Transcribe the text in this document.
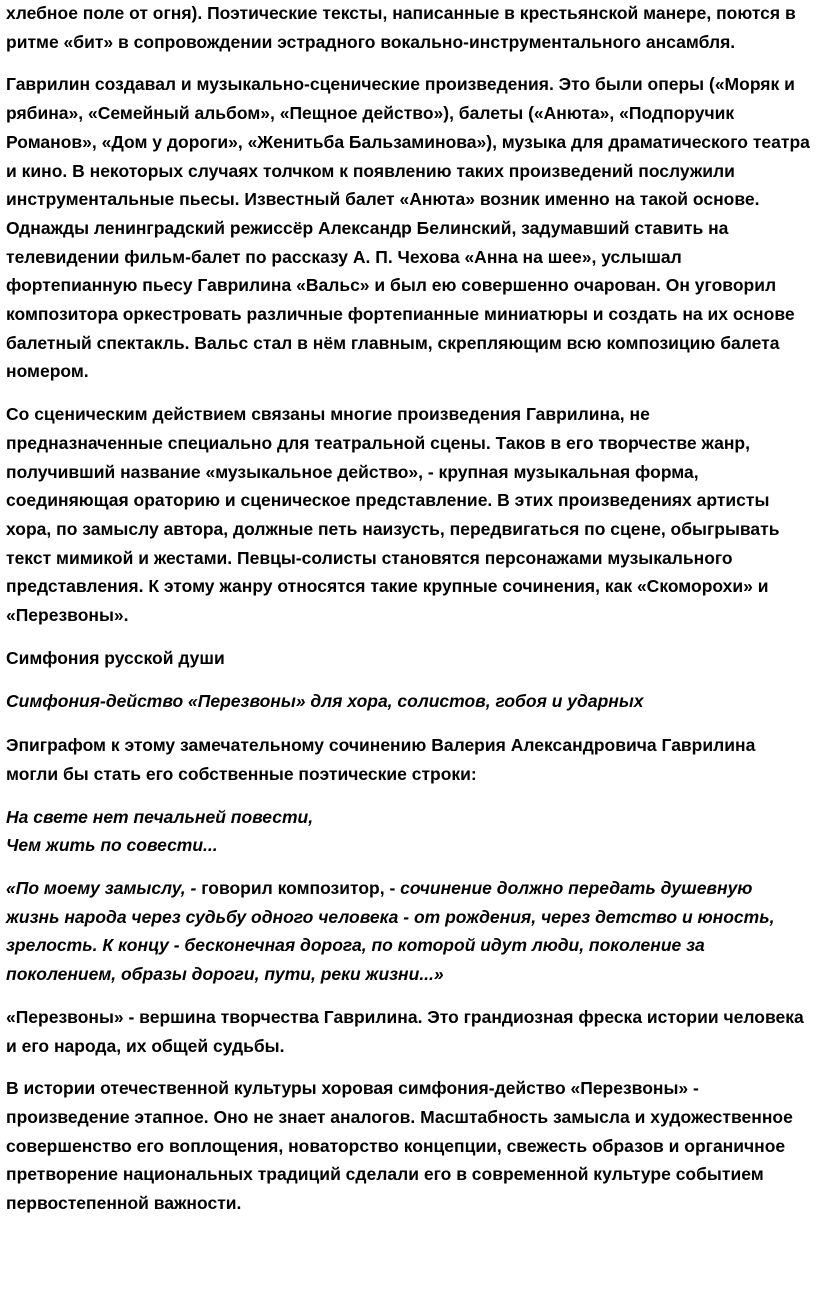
хлебное поле от огня). Поэтические тексты, написанные в крестьянской манере, поются в ритме «бит» в сопровождении эстрадного вокально-инструментального ансамбля.

Гаврилин создавал и музыкально-сценические произведения. Это были оперы («Моряк и рябина», «Семейный альбом», «Пещное действо»), балеты («Анюта», «Подпоручик Романов», «Дом у дороги», «Женитьба Бальзаминова»), музыка для драматического театра и кино. В некоторых случаях толчком к появлению таких произведений послужили инструментальные пьесы. Известный балет «Анюта» возник именно на такой основе. Однажды ленинградский режиссёр Александр Белинский, задумавший ставить на телевидении фильм-балет по рассказу А. П. Чехова «Анна на шее», услышал фортепианную пьесу Гаврилина «Вальс» и был ею совершенно очарован. Он уговорил композитора оркестровать различные фортепианные миниатюры и создать на их основе балетный спектакль. Вальс стал в нём главным, скрепляющим всю композицию балета номером.

Со сценическим действием связаны многие произведения Гаврилина, не предназначенные специально для театральной сцены. Таков в его творчестве жанр, получивший название «музыкальное действо», - крупная музыкальная форма, соединяющая ораторию и сценическое представление. В этих произведениях артисты хора, по замыслу автора, должные петь наизусть, передвигаться по сцене, обыгрывать текст мимикой и жестами. Певцы-солисты становятся персонажами музыкального представления. К этому жанру относятся такие крупные сочинения, как «Скоморохи» и «Перезвоны».

Симфония русской души

Симфония-действо «Перезвоны» для хора, солистов, гобоя и ударных

Эпиграфом к этому замечательному сочинению Валерия Александровича Гаврилина могли бы стать его собственные поэтические строки:

На свете нет печальней повести,
Чем жить по совести...

«По моему замыслу, - говорил композитор, - сочинение должно передать душевную жизнь народа через судьбу одного человека - от рождения, через детство и юность, зрелость. К концу - бесконечная дорога, по которой идут люди, поколение за поколением, образы дороги, пути, реки жизни...»

«Перезвоны» - вершина творчества Гаврилина. Это грандиозная фреска истории человека и его народа, их общей судьбы.

В истории отечественной культуры хоровая симфония-действо «Перезвоны» - произведение этапное. Оно не знает аналогов. Масштабность замысла и художественное совершенство его воплощения, новаторство концепции, свежесть образов и органичное претворение национальных традиций сделали его в современной культуре событием первостепенной важности.
